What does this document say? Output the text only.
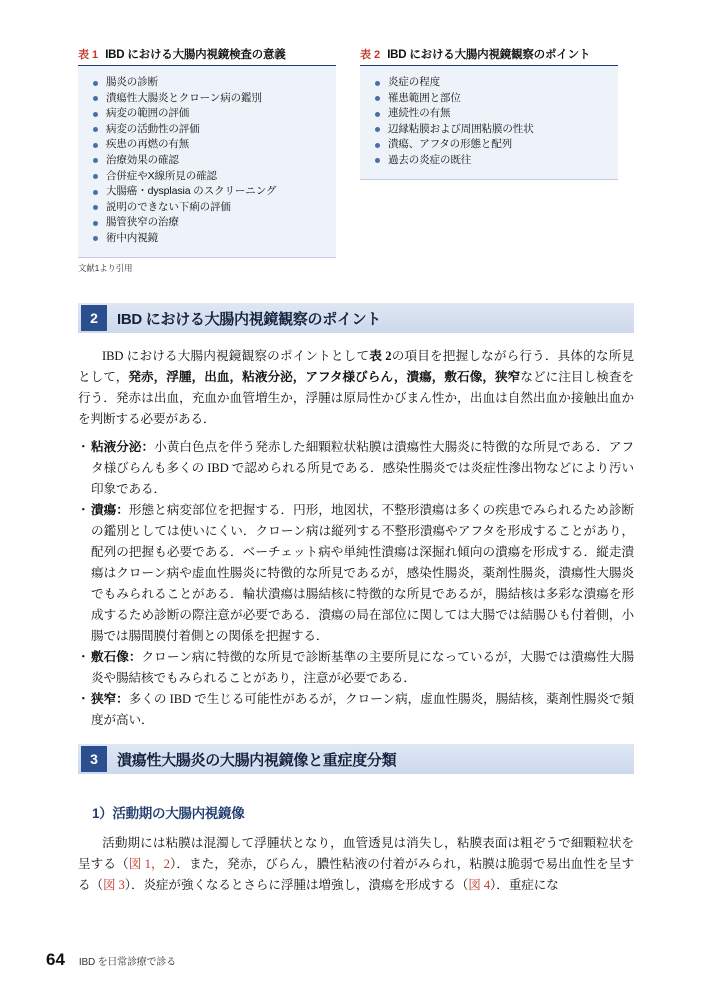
表 1 IBD における大腸内視鏡検査の意義
腸炎の診断
潰瘍性大腸炎とクローン病の鑑別
病変の範囲の評価
病変の活動性の評価
疾患の再燃の有無
治療効果の確認
合併症やX線所見の確認
大腸癌・dysplasia のスクリーニング
説明のできない下痢の評価
腸管狭窄の治療
術中内視鏡
文献1より引用
表 2 IBD における大腸内視鏡観察のポイント
炎症の程度
罹患範囲と部位
連続性の有無
辺縁粘膜および周囲粘膜の性状
潰瘍、アフタの形態と配列
過去の炎症の既往
2	IBD における大腸内視鏡観察のポイント
IBD における大腸内視鏡観察のポイントとして表 2の項目を把握しながら行う．具体的な所見として，発赤，浮腫，出血，粘液分泌，アフタ様びらん，潰瘍，敷石像，狭窄などに注目し検査を行う．発赤は出血，充血か血管増生か，浮腫は原局性かびまん性か，出血は自然出血か接触出血かを判断する必要がある．
・ 粘液分泌：小黄白色点を伴う発赤した細顆粒状粘膜は潰瘍性大腸炎に特徴的な所見である．アフタ様びらんも多くの IBD で認められる所見である．感染性腸炎では炎症性滲出物などにより汚い印象である．
・ 潰瘍：形態と病変部位を把握する．円形，地図状，不整形潰瘍は多くの疾患でみられるため診断の鑑別としては使いにくい．クローン病は縦列する不整形潰瘍やアフタを形成することがあり，配列の把握も必要である．ベーチェット病や単純性潰瘍は深掘れ傾向の潰瘍を形成する．縦走潰瘍はクローン病や虚血性腸炎に特徴的な所見であるが，感染性腸炎，薬剤性腸炎，潰瘍性大腸炎でもみられることがある．輪状潰瘍は腸結核に特徴的な所見であるが，腸結核は多彩な潰瘍を形成するため診断の際注意が必要である．潰瘍の局在部位に関しては大腸では結腸ひも付着側，小腸では腸間膜付着側との関係を把握する．
・ 敷石像：クローン病に特徴的な所見で診断基準の主要所見になっているが，大腸では潰瘍性大腸炎や腸結核でもみられることがあり，注意が必要である．
・ 狭窄：多くの IBD で生じる可能性があるが，クローン病，虚血性腸炎，腸結核，薬剤性腸炎で頻度が高い．
3	潰瘍性大腸炎の大腸内視鏡像と重症度分類
1）活動期の大腸内視鏡像
活動期には粘膜は混濁して浮腫状となり，血管透見は消失し，粘膜表面は粗ぞうで細顆粒状を呈する（図 1，2）．また，発赤，びらん，膿性粘液の付着がみられ，粘膜は脆弱で易出血性を呈する（図 3）．炎症が強くなるとさらに浮腫は増強し，潰瘍を形成する（図 4）．重症にな
64 IBD を日常診療で診る
